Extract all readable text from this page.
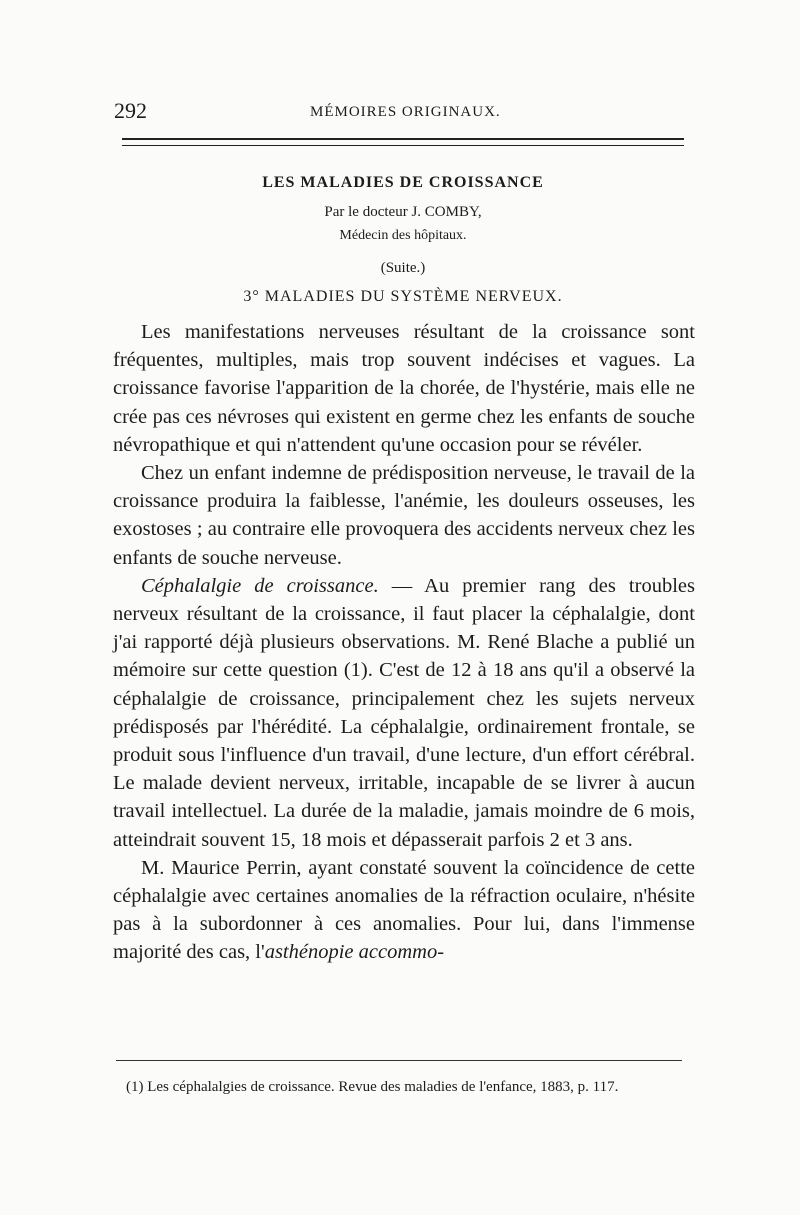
292	MÉMOIRES ORIGINAUX.
LES MALADIES DE CROISSANCE
Par le docteur J. COMBY,
Médecin des hôpitaux.
(Suite.)
3° MALADIES DU SYSTÈME NERVEUX.

Les manifestations nerveuses résultant de la croissance sont fréquentes, multiples, mais trop souvent indécises et vagues. La croissance favorise l'apparition de la chorée, de l'hystérie, mais elle ne crée pas ces névroses qui existent en germe chez les enfants de souche névropathique et qui n'attendent qu'une occasion pour se révéler.

Chez un enfant indemne de prédisposition nerveuse, le travail de la croissance produira la faiblesse, l'anémie, les douleurs osseuses, les exostoses ; au contraire elle provoquera des accidents nerveux chez les enfants de souche nerveuse.

Céphalalgie de croissance. — Au premier rang des troubles nerveux résultant de la croissance, il faut placer la céphalalgie, dont j'ai rapporté déjà plusieurs observations. M. René Blache a publié un mémoire sur cette question (1). C'est de 12 à 18 ans qu'il a observé la céphalalgie de croissance, principalement chez les sujets nerveux prédisposés par l'hérédité. La céphalalgie, ordinairement frontale, se produit sous l'influence d'un travail, d'une lecture, d'un effort cérébral. Le malade devient nerveux, irritable, incapable de se livrer à aucun travail intellectuel. La durée de la maladie, jamais moindre de 6 mois, atteindrait souvent 15, 18 mois et dépasserait parfois 2 et 3 ans.

M. Maurice Perrin, ayant constaté souvent la coïncidence de cette céphalalgie avec certaines anomalies de la réfraction oculaire, n'hésite pas à la subordonner à ces anomalies. Pour lui, dans l'immense majorité des cas, l'asthénopie accommo-

(1) Les céphalalgies de croissance. Revue des maladies de l'enfance, 1883, p. 117.
